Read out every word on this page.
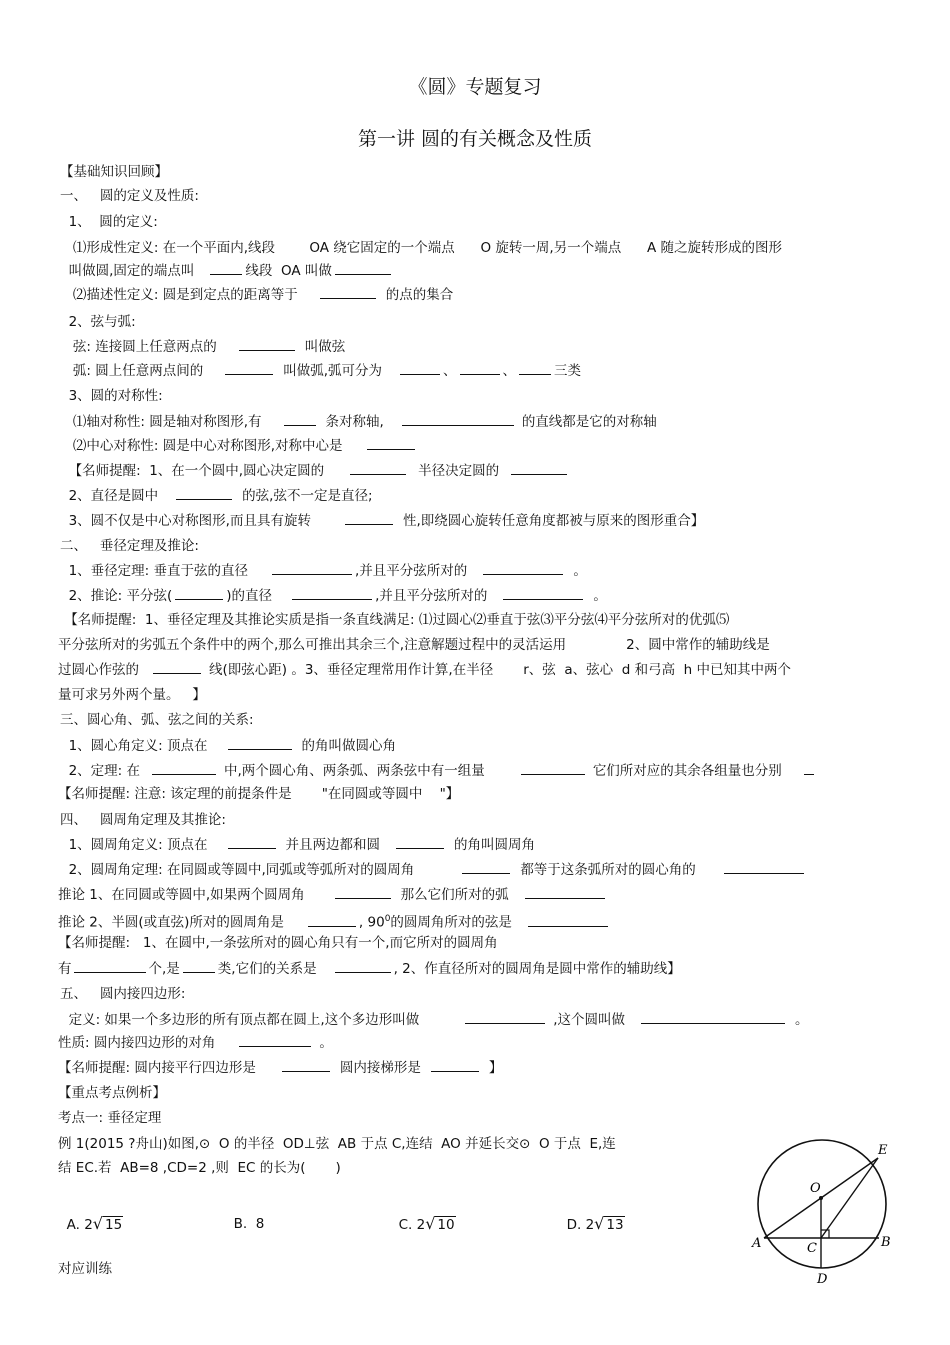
《圆》专题复习
第一讲 圆的有关概念及性质
【基础知识回顾】
一、   圆的定义及性质:
1、  圆的定义:
⑴形成性定义: 在一个平面内,线段        OA 绕它固定的一个端点      O 旋转一周,另一个端点      A 随之旋转形成的图形
叫做圆,固定的端点叫	线段  OA 叫做
⑵描述性定义: 圆是到定点的距离等于	的点的集合
2、弦与弧:
弦: 连接圆上任意两点的	叫做弦
弧: 圆上任意两点间的	叫做弧,弧可分为	、	、	三类
3、圆的对称性:
⑴轴对称性: 圆是轴对称图形,有	条对称轴,	的直线都是它的对称轴
⑵中心对称性: 圆是中心对称图形,对称中心是
【名师提醒:  1、在一个圆中,圆心决定圆的	半径决定圆的
2、直径是圆中	的弦,弦不一定是直径;
3、圆不仅是中心对称图形,而且具有旋转	性,即绕圆心旋转任意角度都被与原来的图形重合】
二、   垂径定理及推论:
1、垂径定理: 垂直于弦的直径	,并且平分弦所对的	。
2、推论: 平分弦(	)的直径	,并且平分弦所对的	。
【名师提醒:  1、垂径定理及其推论实质是指一条直线满足: ⑴过圆心⑵垂直于弦⑶平分弦⑷平分弦所对的优弧⑸
平分弦所对的劣弧五个条件中的两个,那么可推出其余三个,注意解题过程中的灵活运用              2、圆中常作的辅助线是
过圆心作弦的	线(即弦心距) 。3、垂径定理常用作计算,在半径       r、弦  a、弦心  d 和弓高  h 中已知其中两个
量可求另外两个量。   】
三、圆心角、弧、弦之间的关系:
1、圆心角定义: 顶点在	的角叫做圆心角
2、定理: 在	中,两个圆心角、两条弧、两条弦中有一组量	它们所对应的其余各组量也分别
【名师提醒: 注意: 该定理的前提条件是       "在同圆或等圆中    "】
四、   圆周角定理及其推论:
1、圆周角定义: 顶点在	并且两边都和圆	的角叫圆周角
2、圆周角定理: 在同圆或等圆中,同弧或等弧所对的圆周角	都等于这条弧所对的圆心角的
推论 1、在同圆或等圆中,如果两个圆周角	那么它们所对的弧
推论 2、半圆(或直弦)所对的圆周角是	, $90^0$的圆周角所对的弦是
【名师提醒:   1、在圆中,一条弦所对的圆心角只有一个,而它所对的圆周角
有	个,是	类,它们的关系是	, 2、作直径所对的圆周角是圆中常作的辅助线】
五、   圆内接四边形:
定义: 如果一个多边形的所有顶点都在圆上,这个多边形叫做	,这个圆叫做	。
性质: 圆内接四边形的对角	。
【名师提醒: 圆内接平行四边形是	圆内接梯形是	】
【重点考点例析】
考点一: 垂径定理
例 1(2015 ?舟山)如图,⊙  O 的半径  OD⊥弦  AB 于点 C,连结  AO 并延长交⊙  O 于点  E,连
结 EC.若  AB=8 ,CD=2 ,则  EC 的长为(       )

A. 2√ 15	B. 8	C. 2√ 10	D. 2√ 13

对应训练
O
E
A	B
C
D
